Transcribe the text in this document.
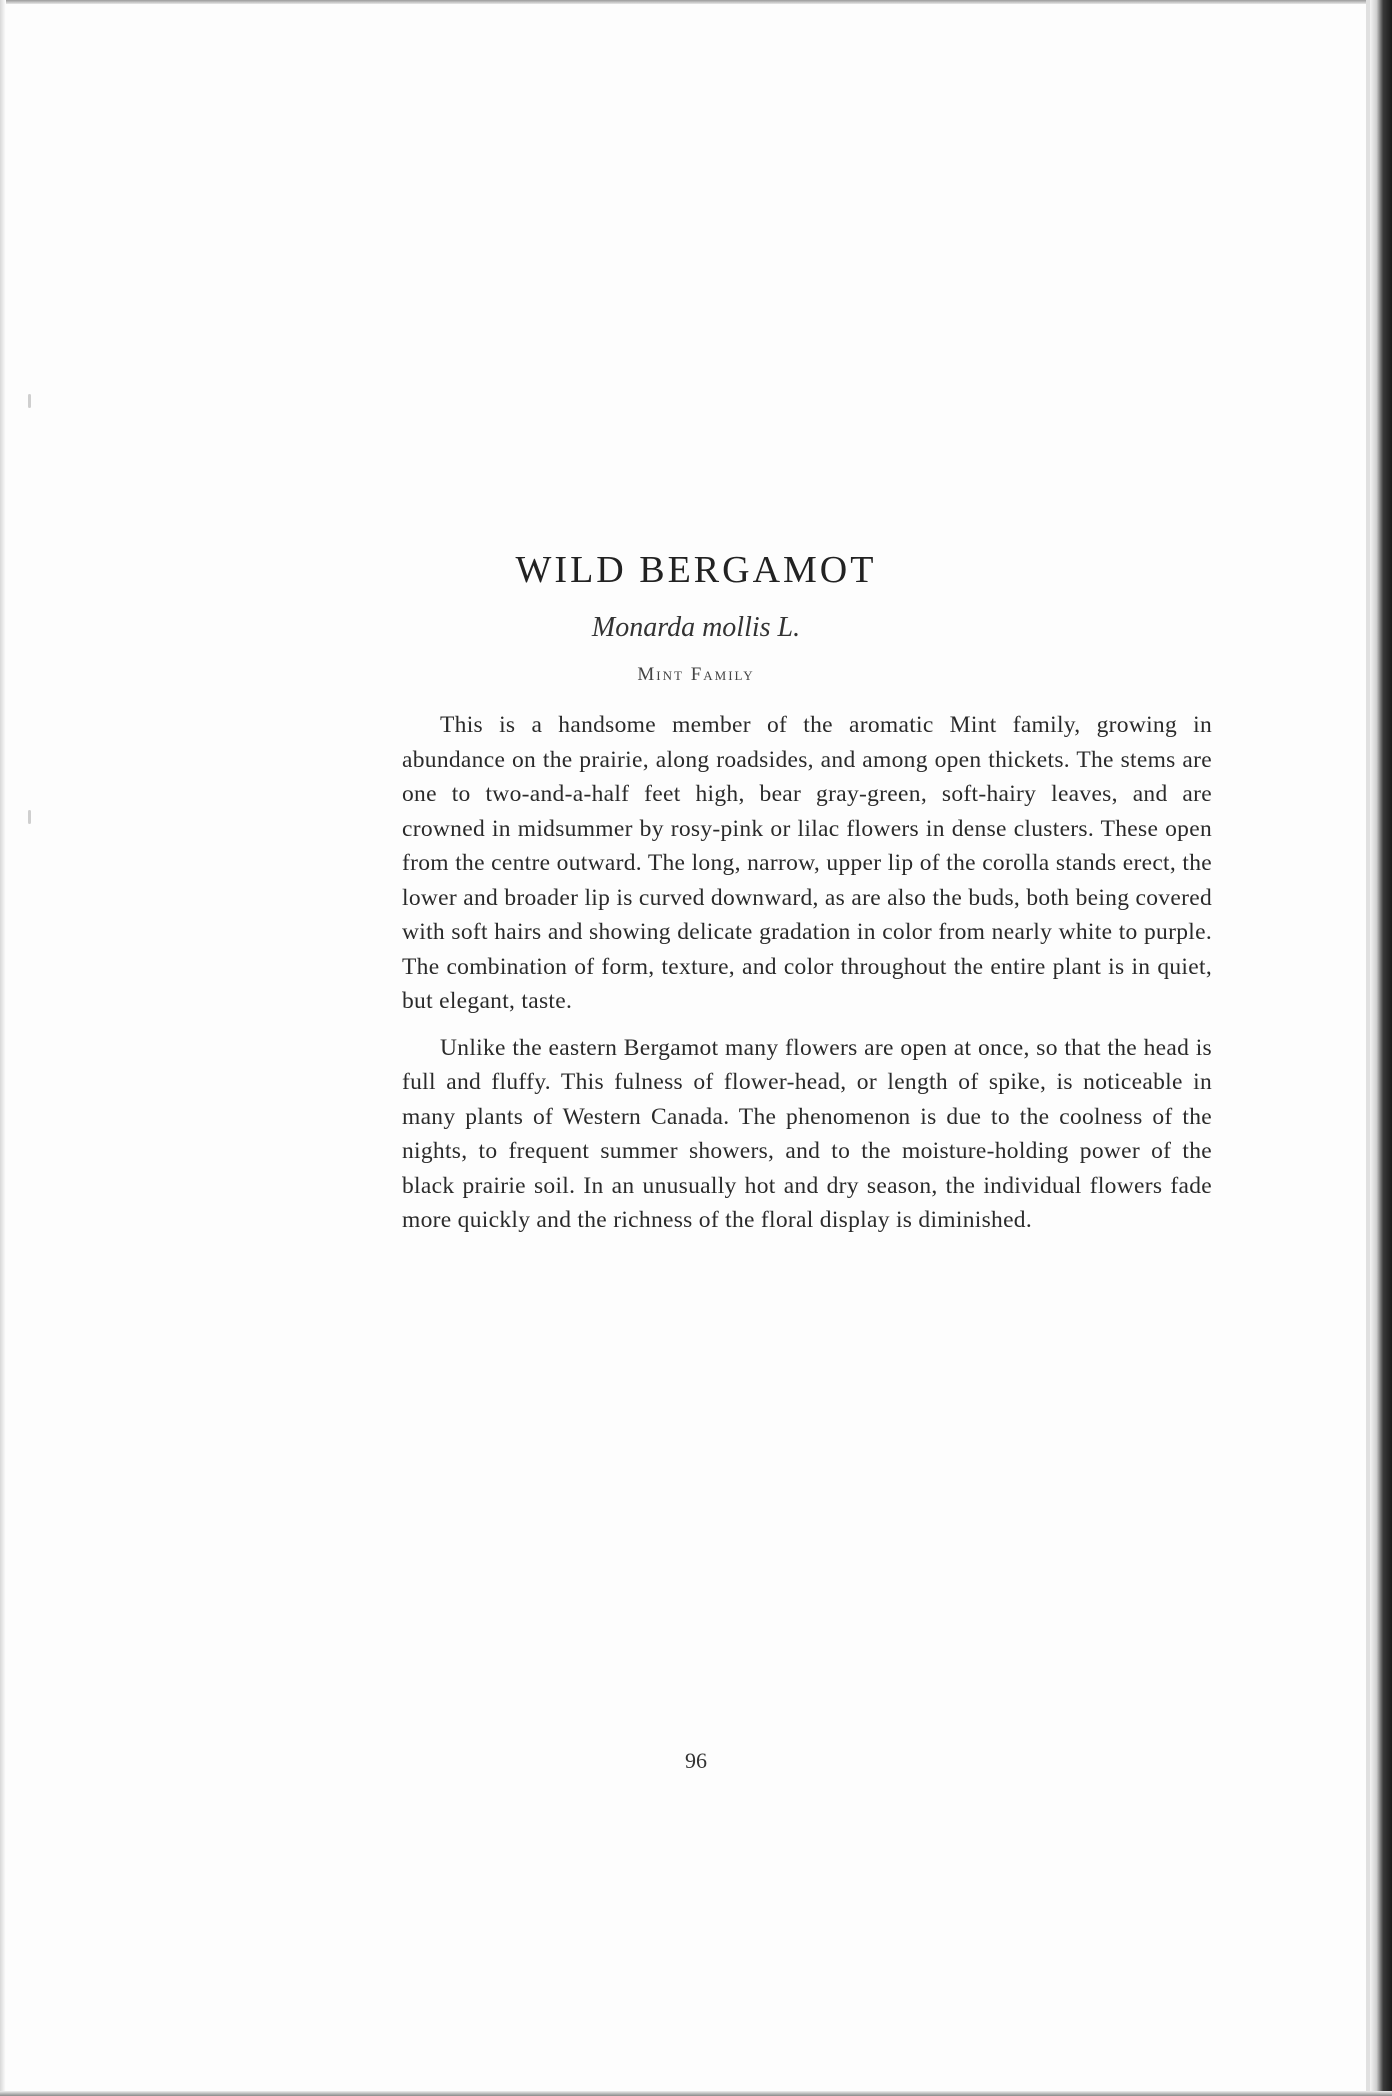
WILD BERGAMOT
Monarda mollis L.
Mint Family

This is a handsome member of the aromatic Mint family, growing in abundance on the prairie, along roadsides, and among open thickets. The stems are one to two-and-a-half feet high, bear gray-green, soft-hairy leaves, and are crowned in midsummer by rosy-pink or lilac flowers in dense clusters. These open from the centre outward. The long, narrow, upper lip of the corolla stands erect, the lower and broader lip is curved downward, as are also the buds, both being covered with soft hairs and showing delicate gradation in color from nearly white to purple. The combination of form, texture, and color throughout the entire plant is in quiet, but elegant, taste.

Unlike the eastern Bergamot many flowers are open at once, so that the head is full and fluffy. This fulness of flower-head, or length of spike, is noticeable in many plants of Western Canada. The phenomenon is due to the coolness of the nights, to frequent summer showers, and to the moisture-holding power of the black prairie soil. In an unusually hot and dry season, the individual flowers fade more quickly and the richness of the floral display is diminished.

96
